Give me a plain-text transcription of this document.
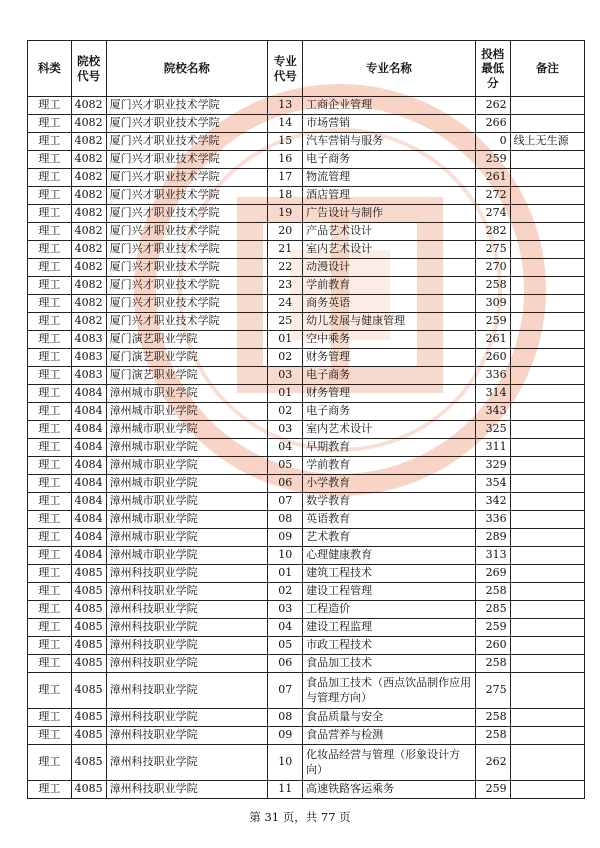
科类	院校代号	院校名称	专业代号	专业名称	投档最低分	备注
理工	4082	厦门兴才职业技术学院	13	工商企业管理	262	
理工	4082	厦门兴才职业技术学院	14	市场营销	266	
理工	4082	厦门兴才职业技术学院	15	汽车营销与服务	0	线上无生源
理工	4082	厦门兴才职业技术学院	16	电子商务	259	
理工	4082	厦门兴才职业技术学院	17	物流管理	261	
理工	4082	厦门兴才职业技术学院	18	酒店管理	272	
理工	4082	厦门兴才职业技术学院	19	广告设计与制作	274	
理工	4082	厦门兴才职业技术学院	20	产品艺术设计	282	
理工	4082	厦门兴才职业技术学院	21	室内艺术设计	275	
理工	4082	厦门兴才职业技术学院	22	动漫设计	270	
理工	4082	厦门兴才职业技术学院	23	学前教育	258	
理工	4082	厦门兴才职业技术学院	24	商务英语	309	
理工	4082	厦门兴才职业技术学院	25	幼儿发展与健康管理	259	
理工	4083	厦门演艺职业学院	01	空中乘务	261	
理工	4083	厦门演艺职业学院	02	财务管理	260	
理工	4083	厦门演艺职业学院	03	电子商务	336	
理工	4084	漳州城市职业学院	01	财务管理	314	
理工	4084	漳州城市职业学院	02	电子商务	343	
理工	4084	漳州城市职业学院	03	室内艺术设计	325	
理工	4084	漳州城市职业学院	04	早期教育	311	
理工	4084	漳州城市职业学院	05	学前教育	329	
理工	4084	漳州城市职业学院	06	小学教育	354	
理工	4084	漳州城市职业学院	07	数学教育	342	
理工	4084	漳州城市职业学院	08	英语教育	336	
理工	4084	漳州城市职业学院	09	艺术教育	289	
理工	4084	漳州城市职业学院	10	心理健康教育	313	
理工	4085	漳州科技职业学院	01	建筑工程技术	269	
理工	4085	漳州科技职业学院	02	建设工程管理	258	
理工	4085	漳州科技职业学院	03	工程造价	285	
理工	4085	漳州科技职业学院	04	建设工程监理	259	
理工	4085	漳州科技职业学院	05	市政工程技术	260	
理工	4085	漳州科技职业学院	06	食品加工技术	258	
理工	4085	漳州科技职业学院	07	食品加工技术（西点饮品制作应用与管理方向）	275	
理工	4085	漳州科技职业学院	08	食品质量与安全	258	
理工	4085	漳州科技职业学院	09	食品营养与检测	258	
理工	4085	漳州科技职业学院	10	化妆品经营与管理（形象设计方向）	262	
理工	4085	漳州科技职业学院	11	高速铁路客运乘务	259	
第 31 页，共 77 页
